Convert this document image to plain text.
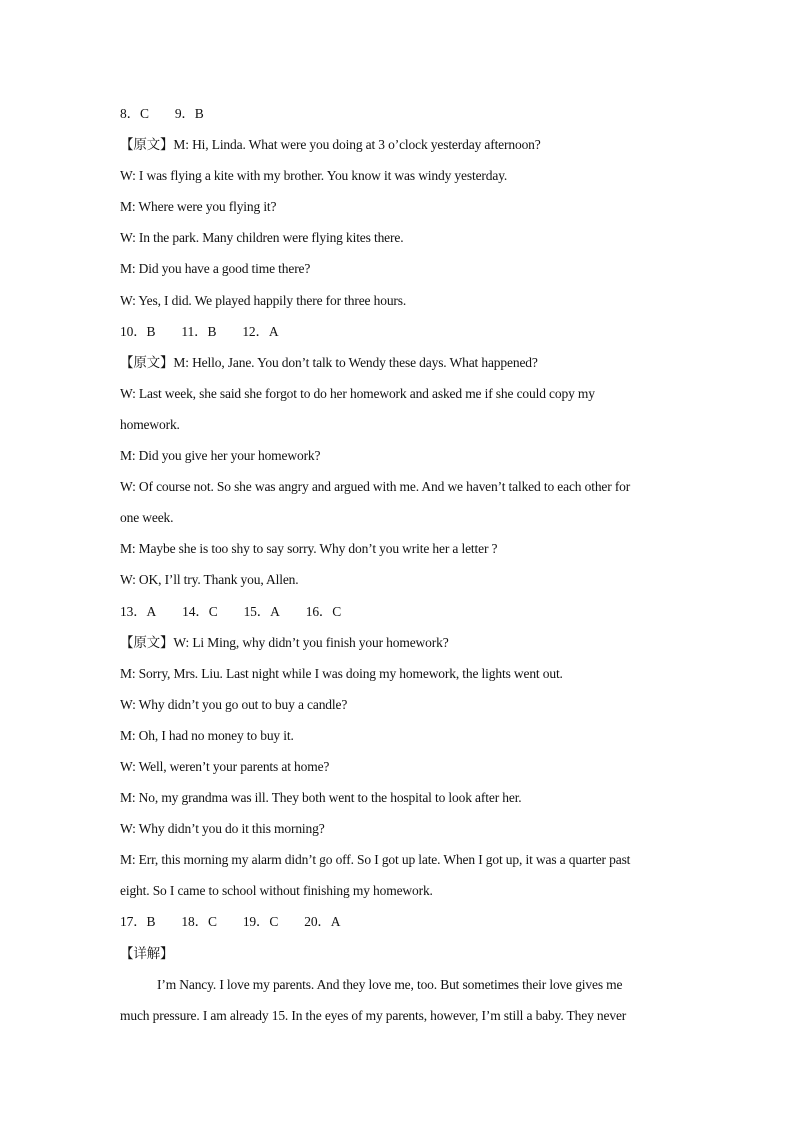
8．C 9．B
【原文】M: Hi, Linda. What were you doing at 3 o’clock yesterday afternoon?
W: I was flying a kite with my brother. You know it was windy yesterday.
M: Where were you flying it?
W: In the park. Many children were flying kites there.
M: Did you have a good time there?
W: Yes, I did. We played happily there for three hours.
10．B 11．B 12．A
【原文】M: Hello, Jane. You don’t talk to Wendy these days. What happened?
W: Last week, she said she forgot to do her homework and asked me if she could copy my
homework.
M: Did you give her your homework?
W: Of course not. So she was angry and argued with me. And we haven’t talked to each other for
one week.
M: Maybe she is too shy to say sorry. Why don’t you write her a letter ?
W: OK, I’ll try. Thank you, Allen.
13．A 14．C 15．A 16．C
【原文】W: Li Ming, why didn’t you finish your homework?
M: Sorry, Mrs. Liu. Last night while I was doing my homework, the lights went out.
W: Why didn’t you go out to buy a candle?
M: Oh, I had no money to buy it.
W: Well, weren’t your parents at home?
M: No, my grandma was ill. They both went to the hospital to look after her.
W: Why didn’t you do it this morning?
M: Err, this morning my alarm didn’t go off. So I got up late. When I got up, it was a quarter past
eight. So I came to school without finishing my homework.
17．B 18．C 19．C 20．A
【详解】
I’m Nancy. I love my parents. And they love me, too. But sometimes their love gives me
much pressure. I am already 15. In the eyes of my parents, however, I’m still a baby. They never
